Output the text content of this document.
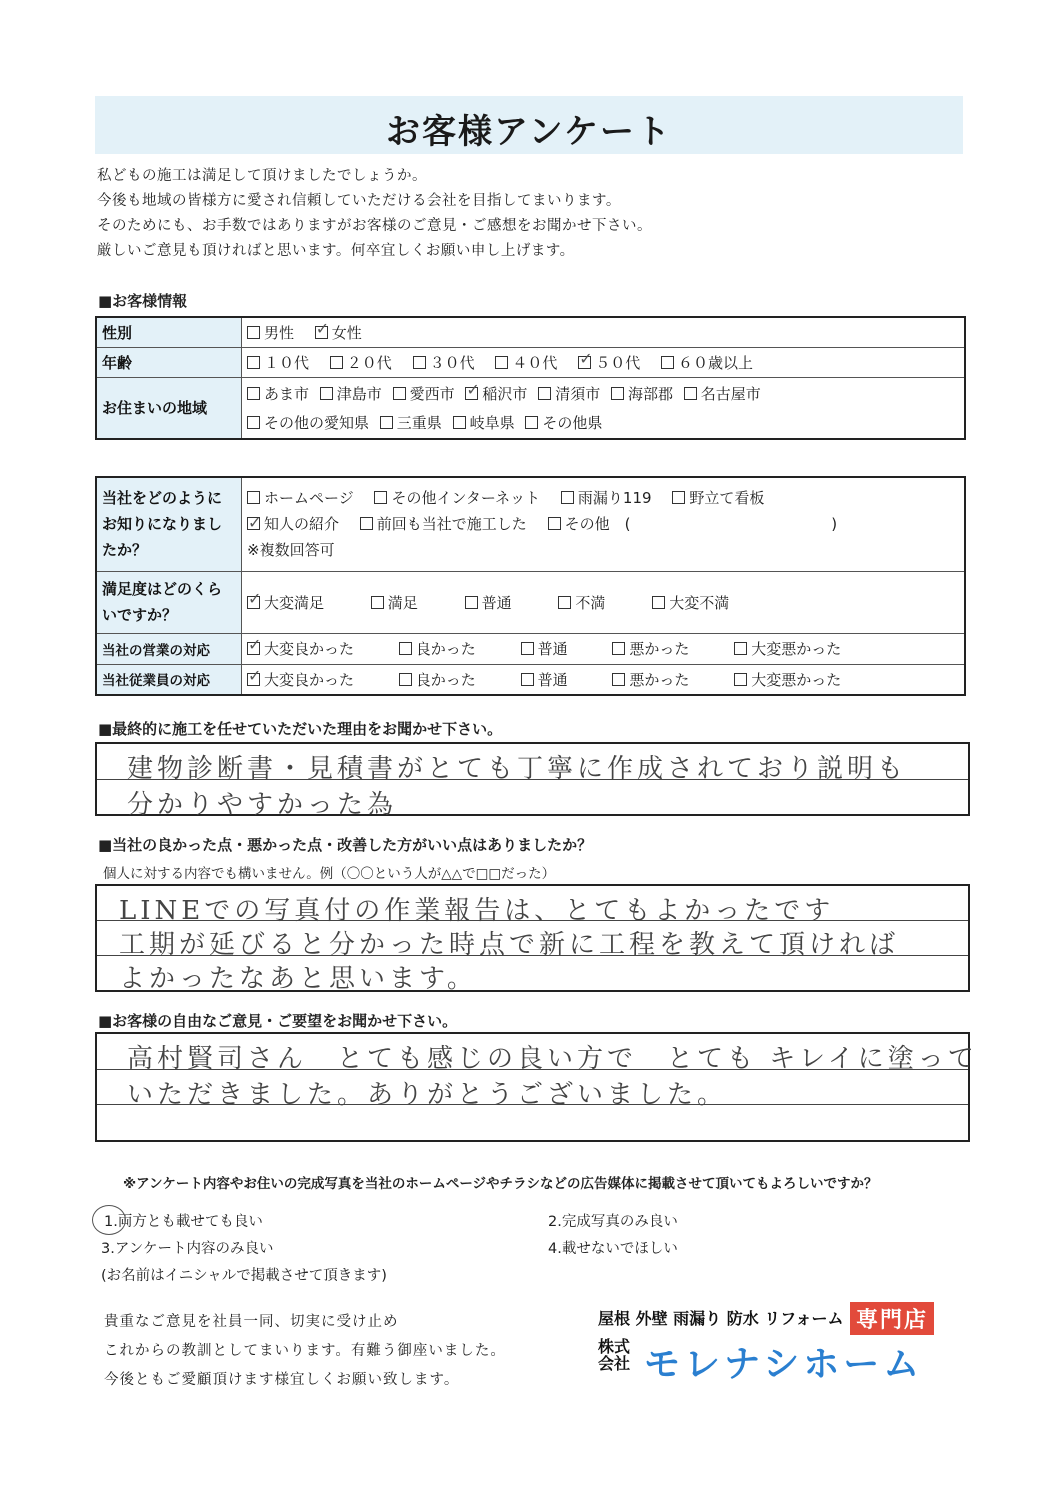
お客様アンケート
私どもの施工は満足して頂けましたでしょうか。
今後も地域の皆様方に愛され信頼していただける会社を目指してまいります。
そのためにも、お手数ではありますがお客様のご意見・ご感想をお聞かせ下さい。
厳しいご意見も頂ければと思います。何卒宜しくお願い申し上げます。
■お客様情報
性別	男性 ✓ 女性
年齢	１０代 ２０代 ３０代 ４０代 ✓ ５０代 ６０歳以上
お住まいの地域	あま市 津島市 愛西市 ✓ 稲沢市 清須市 海部郡 名古屋市
その他の愛知県 三重県 岐阜県 その他県
当社をどのようにお知りになりましたか？	ホームページ その他インターネット 雨漏り119 野立て看板
✓知人の紹介 前回も当社で施工した その他　( )
※複数回答可

満足度はどのくらいですか？	✓大変満足 満足 普通 不満 大変不満
当社の営業の対応	✓大変良かった 良かった 普通 悪かった 大変悪かった
当社従業員の対応	✓大変良かった 良かった 普通 悪かった 大変悪かった
■最終的に施工を任せていただいた理由をお聞かせ下さい。
建物診断書・見積書がとても丁寧に作成されており説明も
分かりやすかった為
■当社の良かった点・悪かった点・改善した方がいい点はありましたか？
個人に対する内容でも構いません。例（〇〇という人が△△で□□だった）
LINEでの写真付の作業報告は、とてもよかったです
工期が延びると分かった時点で新に工程を教えて頂ければ
よかったなあと思います。
■お客様の自由なご意見・ご要望をお聞かせ下さい。
高村賢司さん　とても感じの良い方で　とても キレイに塗って
いただきました。ありがとうございました。
※アンケート内容やお住いの完成写真を当社のホームページやチラシなどの広告媒体に掲載させて頂いてもよろしいですか？
1.両方とも載せても良い	2.完成写真のみ良い
3.アンケート内容のみ良い	4.載せないでほしい
(お名前はイニシャルで掲載させて頂きます)
貴重なご意見を社員一同、切実に受け止め
これからの教訓としてまいります。有難う御座いました。
今後ともご愛顧頂けます様宜しくお願い致します。
屋根 外壁 雨漏り 防水 リフォーム 専門店
株式会社 モレナシホーム
